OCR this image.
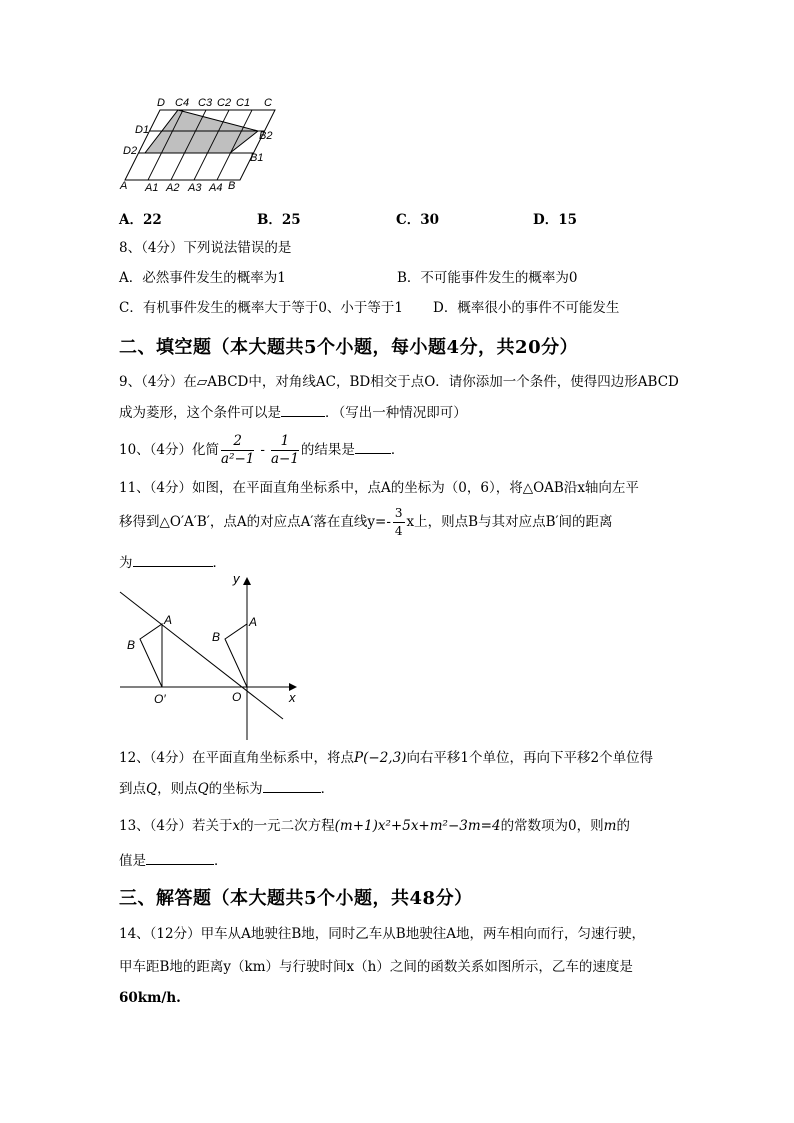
D C4 C3 C2 C1 C
D1
D2
B2
B1
A A1 A2 A3 A4 B
A．22	B．25	C．30	D．15
8、（4分）下列说法错误的是
A．必然事件发生的概率为1	B．不可能事件发生的概率为0
C．有机事件发生的概率大于等于0、小于等于1 D．概率很小的事件不可能发生
二、填空题（本大题共5个小题，每小题4分，共20分）
9、（4分）在▱ABCD中，对角线AC，BD相交于点O．请你添加一个条件，使得四边形ABCD
成为菱形，这个条件可以是	．（写出一种情况即可）
10、（4分）化简 $\frac{2}{\text{a²−1}} - \frac{1}{a-1}$ 的结果是	．
11、（4分）如图，在平面直角坐标系中，点A的坐标为（0，6），将△OAB沿x轴向左平
移得到△O′A′B′，点A的对应点A′落在直线$y=- \frac{3}{4}$ x上，则点B与其对应点B′间的距离
为	．
y
x
A
B
O′	O
A
B
12、（4分）在平面直角坐标系中，将点P(−2,3)向右平移1个单位，再向下平移2个单位得
到点Q，则点Q的坐标为	．
13、（4分）若关于x的一元二次方程(m+1)x²+5x+m²−3m=4的常数项为0，则m的
值是	．
三、解答题（本大题共5个小题，共48分）
14、（12分）甲车从A地驶往B地，同时乙车从B地驶往A地，两车相向而行，匀速行驶，
甲车距B地的距离y（km）与行驶时间x（h）之间的函数关系如图所示，乙车的速度是
60km/h.
